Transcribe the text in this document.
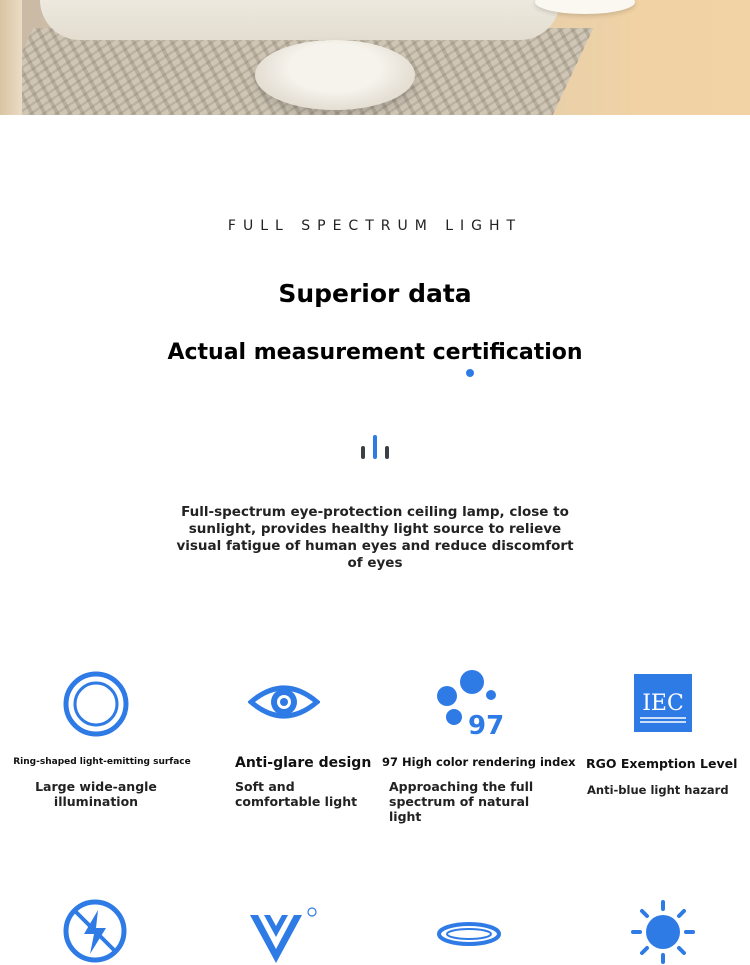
FULL SPECTRUM LIGHT
Superior data
Actual measurement certification
Full-spectrum eye-protection ceiling lamp, close to sunlight, provides healthy light source to relieve visual fatigue of human eyes and reduce discomfort of eyes
Ring-shaped light-emitting surface
Large wide-angle
illumination
Anti-glare design
Soft and
comfortable light
97
97 High color rendering index
Approaching the full
spectrum of natural light
IEC
RGO Exemption Level
Anti-blue light hazard
